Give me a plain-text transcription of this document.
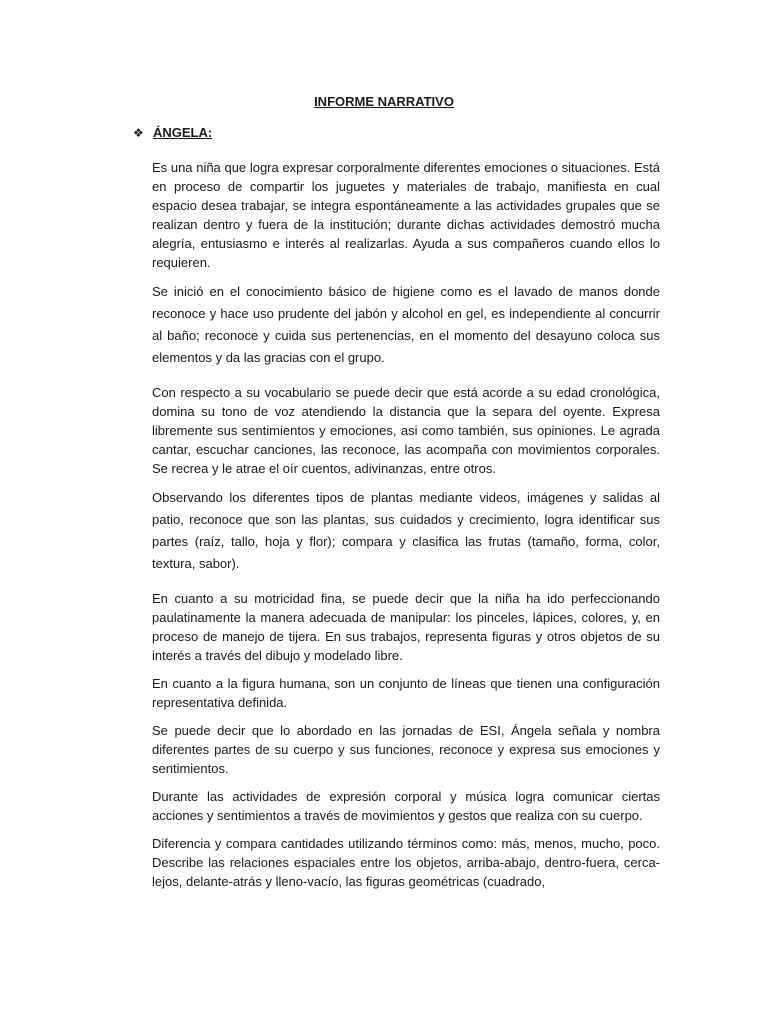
INFORME NARRATIVO
❖ ÁNGELA:

Es una niña que logra expresar corporalmente diferentes emociones o situaciones. Está en proceso de compartir los juguetes y materiales de trabajo, manifiesta en cual espacio desea trabajar, se integra espontáneamente a las actividades grupales que se realizan dentro y fuera de la institución; durante dichas actividades demostró mucha alegría, entusiasmo e interés al realizarlas. Ayuda a sus compañeros cuando ellos lo requieren.

Se inició en el conocimiento básico de higiene como es el lavado de manos donde reconoce y hace uso prudente del jabón y alcohol en gel, es independiente al concurrir al baño; reconoce y cuida sus pertenencias, en el momento del desayuno coloca sus elementos y da las gracias con el grupo.

Con respecto a su vocabulario se puede decir que está acorde a su edad cronológica, domina su tono de voz atendiendo la distancia que la separa del oyente. Expresa libremente sus sentimientos y emociones, asi como también, sus opiniones. Le agrada cantar, escuchar canciones, las reconoce, las acompaña con movimientos corporales. Se recrea y le atrae el oír cuentos, adivinanzas, entre otros.

Observando los diferentes tipos de plantas mediante videos, imágenes y salidas al patio, reconoce que son las plantas, sus cuidados y crecimiento, logra identificar sus partes (raíz, tallo, hoja y flor); compara y clasifica las frutas (tamaño, forma, color, textura, sabor).

En cuanto a su motricidad fina, se puede decir que la niña ha ido perfeccionando paulatinamente la manera adecuada de manipular: los pinceles, lápices, colores, y, en proceso de manejo de tijera. En sus trabajos, representa figuras y otros objetos de su interés a través del dibujo y modelado libre.

En cuanto a la figura humana, son un conjunto de líneas que tienen una configuración representativa definida.

Se puede decir que lo abordado en las jornadas de ESI, Ángela señala y nombra diferentes partes de su cuerpo y sus funciones, reconoce y expresa sus emociones y sentimientos.

Durante las actividades de expresión corporal y música logra comunicar ciertas acciones y sentimientos a través de movimientos y gestos que realiza con su cuerpo.

Diferencia y compara cantidades utilizando términos como: más, menos, mucho, poco. Describe las relaciones espaciales entre los objetos, arriba-abajo, dentro-fuera, cerca-lejos, delante-atrás y lleno-vacío, las figuras geométricas (cuadrado,
